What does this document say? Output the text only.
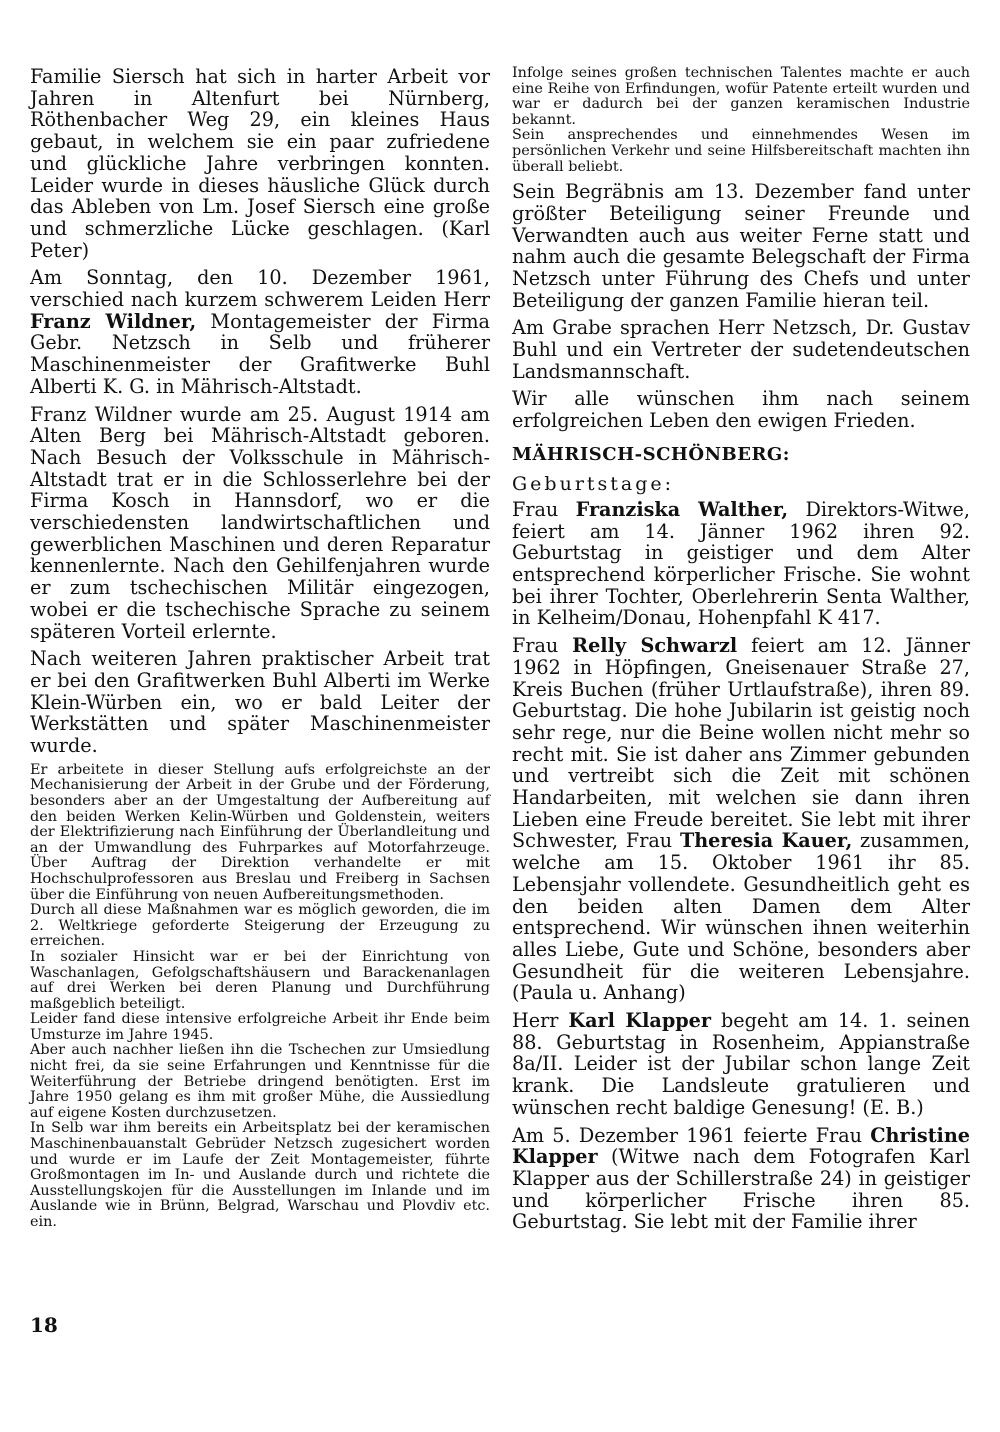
Familie Siersch hat sich in harter Arbeit vor Jahren in Altenfurt bei Nürnberg, Röthenbacher Weg 29, ein kleines Haus gebaut, in welchem sie ein paar zufriedene und glückliche Jahre verbringen konnten. Leider wurde in dieses häusliche Glück durch das Ableben von Lm. Josef Siersch eine große und schmerzliche Lücke geschlagen. (Karl Peter)

Am Sonntag, den 10. Dezember 1961, verschied nach kurzem schwerem Leiden Herr Franz Wildner, Montagemeister der Firma Gebr. Netzsch in Selb und früherer Maschinenmeister der Grafitwerke Buhl Alberti K. G. in Mährisch-Altstadt.

Franz Wildner wurde am 25. August 1914 am Alten Berg bei Mährisch-Altstadt geboren. Nach Besuch der Volksschule in Mährisch-Altstadt trat er in die Schlosserlehre bei der Firma Kosch in Hannsdorf, wo er die verschiedensten landwirtschaftlichen und gewerblichen Maschinen und deren Reparatur kennenlernte. Nach den Gehilfenjahren wurde er zum tschechischen Militär eingezogen, wobei er die tschechische Sprache zu seinem späteren Vorteil erlernte.

Nach weiteren Jahren praktischer Arbeit trat er bei den Grafitwerken Buhl Alberti im Werke Klein-Würben ein, wo er bald Leiter der Werkstätten und später Maschinenmeister wurde.

Er arbeitete in dieser Stellung aufs erfolgreichste an der Mechanisierung der Arbeit in der Grube und der Förderung, besonders aber an der Umgestaltung der Aufbereitung auf den beiden Werken Kelin-Würben und Goldenstein, weiters der Elektrifizierung nach Einführung der Überlandleitung und an der Umwandlung des Fuhrparkes auf Motorfahrzeuge. Über Auftrag der Direktion verhandelte er mit Hochschulprofessoren aus Breslau und Freiberg in Sachsen über die Einführung von neuen Aufbereitungsmethoden.

Durch all diese Maßnahmen war es möglich geworden, die im 2. Weltkriege geforderte Steigerung der Erzeugung zu erreichen.

In sozialer Hinsicht war er bei der Einrichtung von Waschanlagen, Gefolgschaftshäusern und Barackenanlagen auf drei Werken bei deren Planung und Durchführung maßgeblich beteiligt.

Leider fand diese intensive erfolgreiche Arbeit ihr Ende beim Umsturze im Jahre 1945.

Aber auch nachher ließen ihn die Tschechen zur Umsiedlung nicht frei, da sie seine Erfahrungen und Kenntnisse für die Weiterführung der Betriebe dringend benötigten. Erst im Jahre 1950 gelang es ihm mit großer Mühe, die Aussiedlung auf eigene Kosten durchzusetzen.

In Selb war ihm bereits ein Arbeitsplatz bei der keramischen Maschinenbauanstalt Gebrüder Netzsch zugesichert worden und wurde er im Laufe der Zeit Montagemeister, führte Großmontagen im In- und Auslande durch und richtete die Ausstellungskojen für die Ausstellungen im Inlande und im Auslande wie in Brünn, Belgrad, Warschau und Plovdiv etc. ein.

Infolge seines großen technischen Talentes machte er auch eine Reihe von Erfindungen, wofür Patente erteilt wurden und war er dadurch bei der ganzen keramischen Industrie bekannt.

Sein ansprechendes und einnehmendes Wesen im persönlichen Verkehr und seine Hilfsbereitschaft machten ihn überall beliebt.

Sein Begräbnis am 13. Dezember fand unter größter Beteiligung seiner Freunde und Verwandten auch aus weiter Ferne statt und nahm auch die gesamte Belegschaft der Firma Netzsch unter Führung des Chefs und unter Beteiligung der ganzen Familie hieran teil.

Am Grabe sprachen Herr Netzsch, Dr. Gustav Buhl und ein Vertreter der sudetendeutschen Landsmannschaft.

Wir alle wünschen ihm nach seinem erfolgreichen Leben den ewigen Frieden.

MÄHRISCH-SCHÖNBERG:
Geburtstage:

Frau Franziska Walther, Direktors-Witwe, feiert am 14. Jänner 1962 ihren 92. Geburtstag in geistiger und dem Alter entsprechend körperlicher Frische. Sie wohnt bei ihrer Tochter, Oberlehrerin Senta Walther, in Kelheim/Donau, Hohenpfahl K 417.

Frau Relly Schwarzl feiert am 12. Jänner 1962 in Höpfingen, Gneisenauer Straße 27, Kreis Buchen (früher Urtlaufstraße), ihren 89. Geburtstag. Die hohe Jubilarin ist geistig noch sehr rege, nur die Beine wollen nicht mehr so recht mit. Sie ist daher ans Zimmer gebunden und vertreibt sich die Zeit mit schönen Handarbeiten, mit welchen sie dann ihren Lieben eine Freude bereitet. Sie lebt mit ihrer Schwester, Frau Theresia Kauer, zusammen, welche am 15. Oktober 1961 ihr 85. Lebensjahr vollendete. Gesundheitlich geht es den beiden alten Damen dem Alter entsprechend. Wir wünschen ihnen weiterhin alles Liebe, Gute und Schöne, besonders aber Gesundheit für die weiteren Lebensjahre. (Paula u. Anhang)

Herr Karl Klapper begeht am 14. 1. seinen 88. Geburtstag in Rosenheim, Appianstraße 8a/II. Leider ist der Jubilar schon lange Zeit krank. Die Landsleute gratulieren und wünschen recht baldige Genesung! (E. B.)

Am 5. Dezember 1961 feierte Frau Christine Klapper (Witwe nach dem Fotografen Karl Klapper aus der Schillerstraße 24) in geistiger und körperlicher Frische ihren 85. Geburtstag. Sie lebt mit der Familie ihrer

18
